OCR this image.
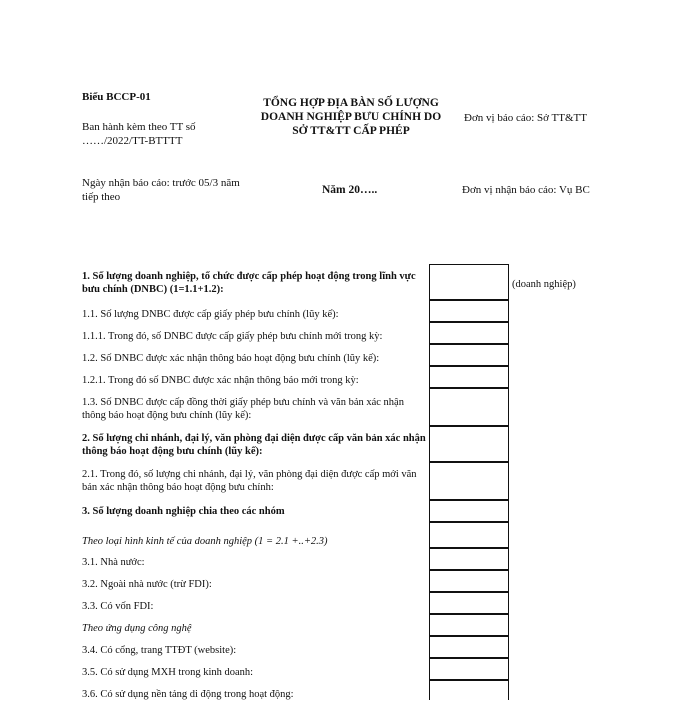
Biểu BCCP-01
Ban hành kèm theo TT số ……/2022/TT-BTTTT
TỔNG HỢP ĐỊA BÀN SỐ LƯỢNG DOANH NGHIỆP BƯU CHÍNH DO SỞ TT&TT CẤP PHÉP
Đơn vị báo cáo: Sở TT&TT
Ngày nhận báo cáo: trước 05/3 năm tiếp theo
Năm 20…..	Đơn vị nhận báo cáo: Vụ BC
1. Số lượng doanh nghiệp, tổ chức được cấp phép hoạt động trong lĩnh vực bưu chính (DNBC) (1=1.1+1.2):
1.1. Số lượng DNBC được cấp giấy phép bưu chính (lũy kế):
1.1.1. Trong đó, số DNBC được cấp giấy phép bưu chính mới trong kỳ:
1.2. Số DNBC được xác nhận thông báo hoạt động bưu chính (lũy kế):
1.2.1. Trong đó số DNBC được xác nhận thông báo mới trong kỳ:
1.3. Số DNBC được cấp đồng thời giấy phép bưu chính và văn bản xác nhận thông báo hoạt động bưu chính (lũy kế):
2. Số lượng chi nhánh, đại lý, văn phòng đại diện được cấp văn bản xác nhận thông báo hoạt động bưu chính (lũy kế):
2.1. Trong đó, số lượng chi nhánh, đại lý, văn phòng đại diện được cấp mới văn bản xác nhận thông báo hoạt động bưu chính:
3. Số lượng doanh nghiệp chia theo các nhóm
Theo loại hình kinh tế của doanh nghiệp (1 = 2.1 +..+2.3)
3.1. Nhà nước:
3.2. Ngoài nhà nước (trừ FDI):
3.3. Có vốn FDI:
Theo ứng dụng công nghệ
3.4. Có cổng, trang TTĐT (website):
3.5. Có sử dụng MXH trong kinh doanh:
3.6. Có sử dụng nền tảng di động trong hoạt động:
(doanh nghiệp)
